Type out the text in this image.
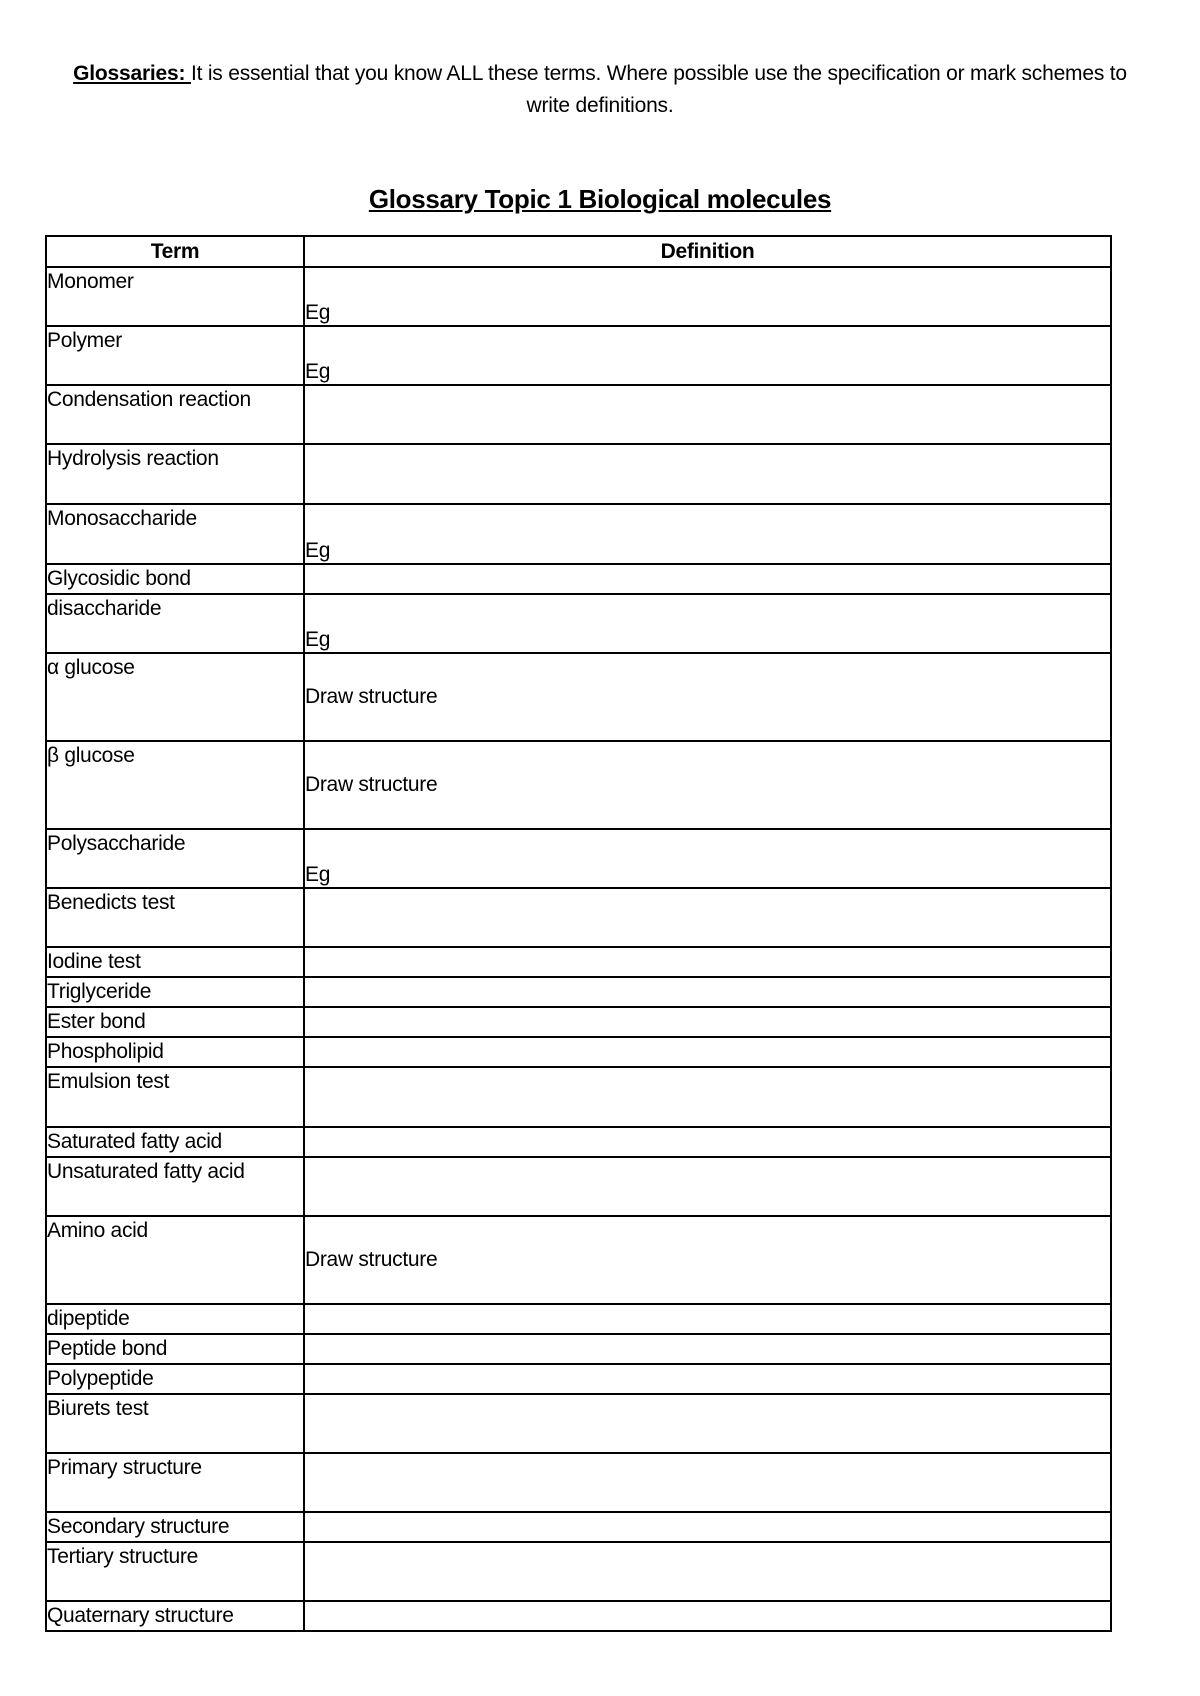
Glossaries: It is essential that you know ALL these terms. Where possible use the specification or mark schemes to write definitions.
Glossary Topic 1 Biological molecules
Term	Definition
Monomer	Eg
Polymer	Eg
Condensation reaction	
Hydrolysis reaction	
Monosaccharide	Eg
Glycosidic bond	
disaccharide	Eg
α glucose	Draw structure
β glucose	Draw structure
Polysaccharide	Eg
Benedicts test	
Iodine test	
Triglyceride	
Ester bond	
Phospholipid	
Emulsion test	
Saturated fatty acid	
Unsaturated fatty acid	
Amino acid	Draw structure
dipeptide	
Peptide bond	
Polypeptide	
Biurets test	
Primary structure	
Secondary structure	
Tertiary structure	
Quaternary structure	
